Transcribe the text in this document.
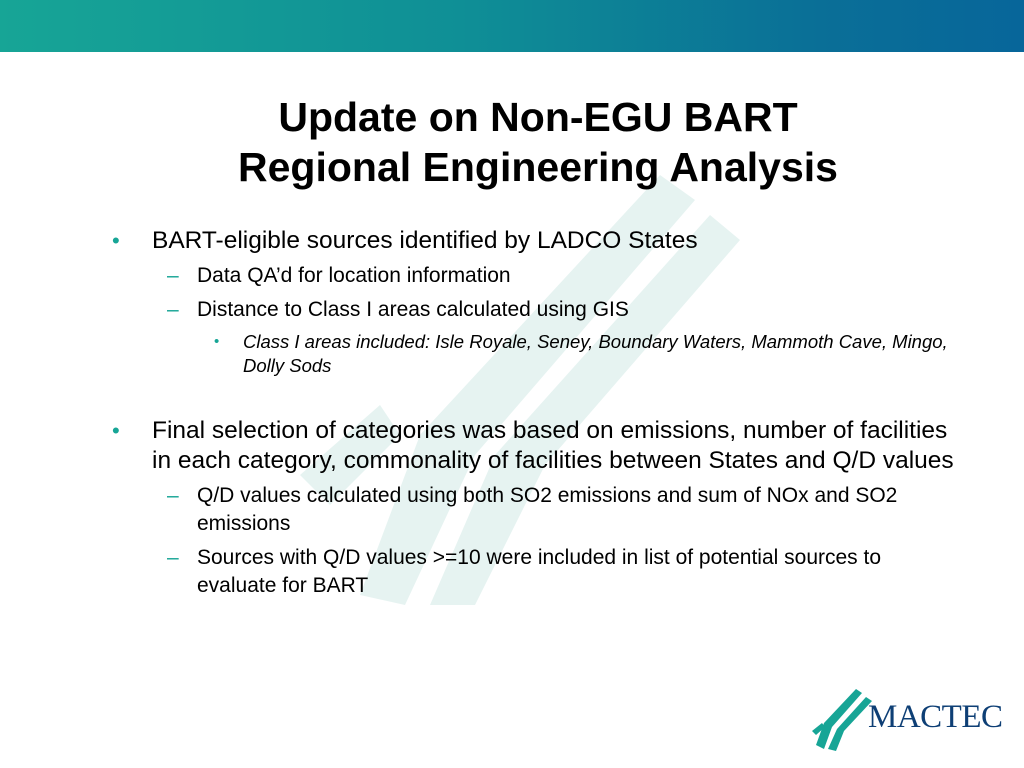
Update on Non-EGU BART
Regional Engineering Analysis
• BART-eligible sources identified by LADCO States
– Data QA’d for location information
– Distance to Class I areas calculated using GIS
• Class I areas included: Isle Royale, Seney, Boundary Waters, Mammoth Cave, Mingo, Dolly Sods
• Final selection of categories was based on emissions, number of facilities in each category, commonality of facilities between States and Q/D values
– Q/D values calculated using both SO2 emissions and sum of NOx and SO2 emissions
– Sources with Q/D values >=10 were included in list of potential sources to evaluate for BART
MACTEC
